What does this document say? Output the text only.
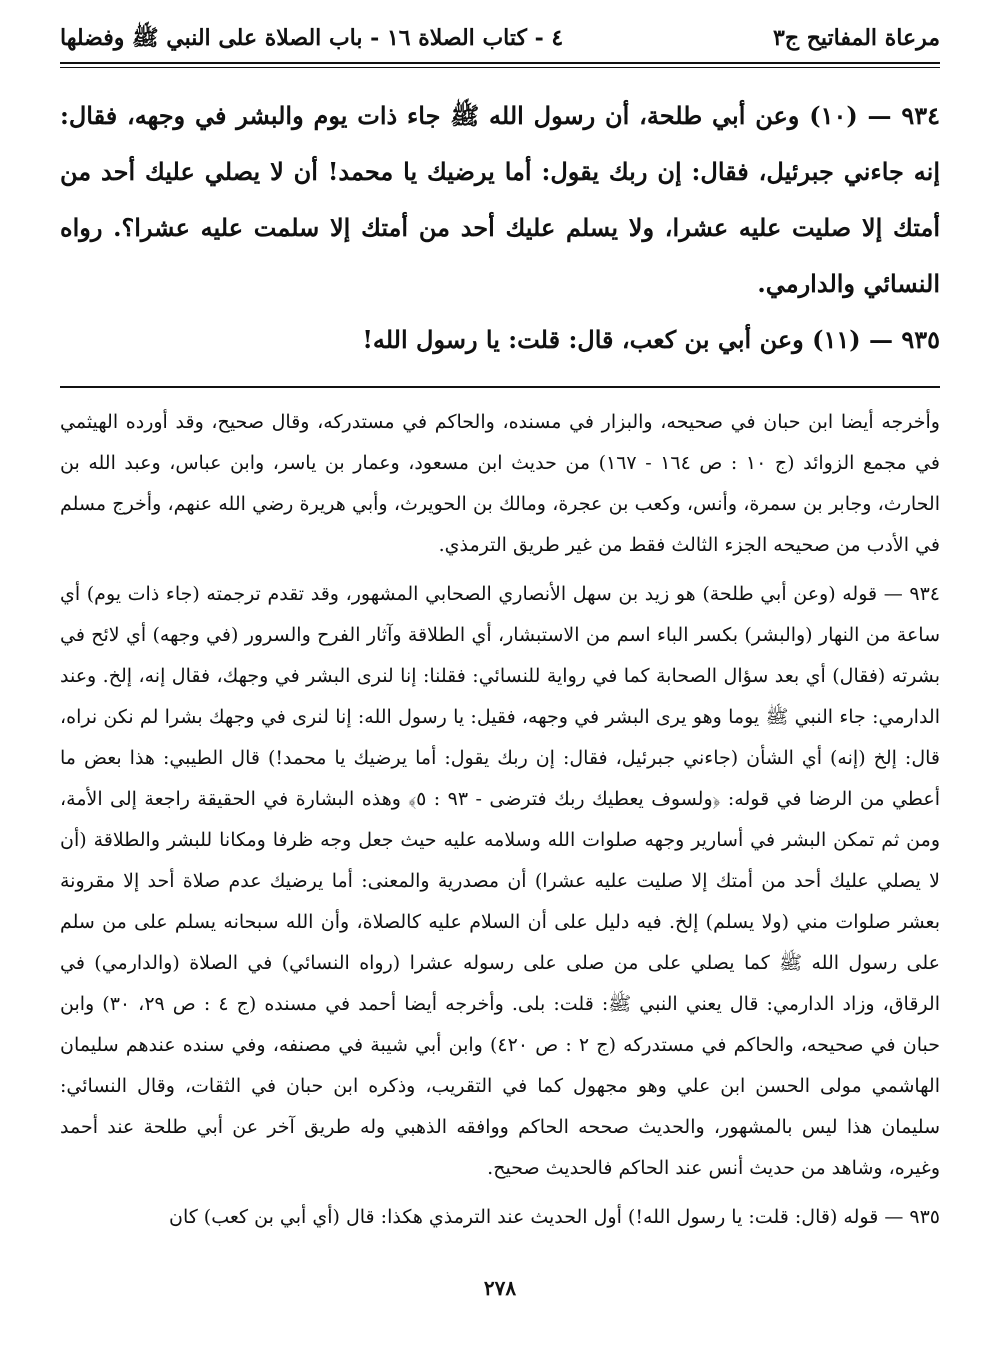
مرعاة المفاتيح ج٣
٤ - كتاب الصلاة ١٦ - باب الصلاة على النبي ﷺ وفضلها

٩٣٤ — (١٠) وعن أبي طلحة، أن رسول الله ﷺ جاء ذات يوم والبشر في وجهه، فقال: إنه جاءني جبرئيل، فقال: إن ربك يقول: أما يرضيك يا محمد! أن لا يصلي عليك أحد من أمتك إلا صليت عليه عشرا، ولا يسلم عليك أحد من أمتك إلا سلمت عليه عشرا؟. رواه النسائي والدارمي.

٩٣٥ — (١١) وعن أبي بن كعب، قال: قلت: يا رسول الله!

وأخرجه أيضا ابن حبان في صحيحه، والبزار في مسنده، والحاكم في مستدركه، وقال صحيح، وقد أورده الهيثمي في مجمع الزوائد (ج ١٠ : ص ١٦٤ - ١٦٧) من حديث ابن مسعود، وعمار بن ياسر، وابن عباس، وعبد الله بن الحارث، وجابر بن سمرة، وأنس، وكعب بن عجرة، ومالك بن الحويرث، وأبي هريرة رضي الله عنهم، وأخرج مسلم في الأدب من صحيحه الجزء الثالث فقط من غير طريق الترمذي.

٩٣٤ — قوله (وعن أبي طلحة) هو زيد بن سهل الأنصاري الصحابي المشهور، وقد تقدم ترجمته (جاء ذات يوم) أي ساعة من النهار (والبشر) بكسر الباء اسم من الاستبشار، أي الطلاقة وآثار الفرح والسرور (في وجهه) أي لائح في بشرته (فقال) أي بعد سؤال الصحابة كما في رواية للنسائي: فقلنا: إنا لنرى البشر في وجهك، فقال إنه، إلخ. وعند الدارمي: جاء النبي ﷺ يوما وهو يرى البشر في وجهه، فقيل: يا رسول الله: إنا لنرى في وجهك بشرا لم نكن نراه، قال: إلخ (إنه) أي الشأن (جاءني جبرئيل، فقال: إن ربك يقول: أما يرضيك يا محمد!) قال الطيبي: هذا بعض ما أعطي من الرضا في قوله: ﴿ولسوف يعطيك ربك فترضى - ٩٣ : ٥﴾ وهذه البشارة في الحقيقة راجعة إلى الأمة، ومن ثم تمكن البشر في أسارير وجهه صلوات الله وسلامه عليه حيث جعل وجه ظرفا ومكانا للبشر والطلاقة (أن لا يصلي عليك أحد من أمتك إلا صليت عليه عشرا) أن مصدرية والمعنى: أما يرضيك عدم صلاة أحد إلا مقرونة بعشر صلوات مني (ولا يسلم) إلخ. فيه دليل على أن السلام عليه كالصلاة، وأن الله سبحانه يسلم على من سلم على رسول الله ﷺ كما يصلي على من صلى على رسوله عشرا (رواه النسائي) في الصلاة (والدارمي) في الرقاق، وزاد الدارمي: قال يعني النبي ﷺ: قلت: بلى. وأخرجه أيضا أحمد في مسنده (ج ٤ : ص ٢٩، ٣٠) وابن حبان في صحيحه، والحاكم في مستدركه (ج ٢ : ص ٤٢٠) وابن أبي شيبة في مصنفه، وفي سنده عندهم سليمان الهاشمي مولى الحسن ابن علي وهو مجهول كما في التقريب، وذكره ابن حبان في الثقات، وقال النسائي: سليمان هذا ليس بالمشهور، والحديث صححه الحاكم ووافقه الذهبي وله طريق آخر عن أبي طلحة عند أحمد وغيره، وشاهد من حديث أنس عند الحاكم فالحديث صحيح.

٩٣٥ — قوله (قال: قلت: يا رسول الله!) أول الحديث عند الترمذي هكذا: قال (أي أبي بن كعب) كان

٢٧٨
